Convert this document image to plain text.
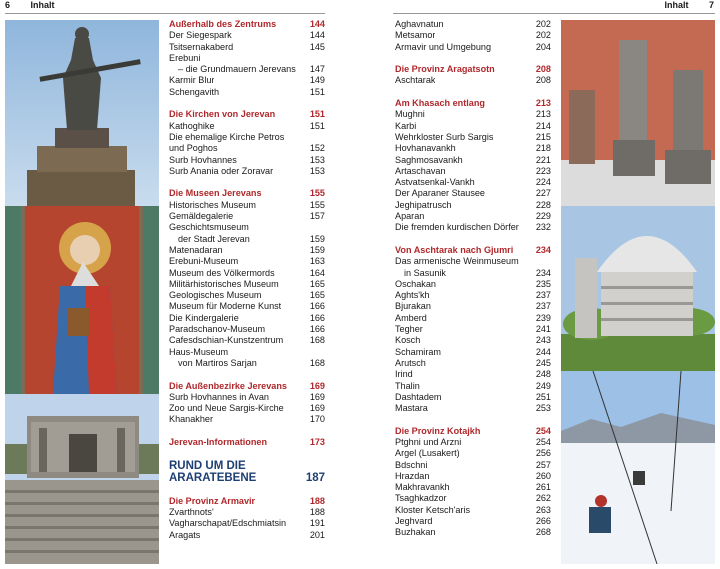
6 Inhalt	Inhalt 7
Außerhalb des Zentrums	144
Der Siegespark	144
Tsitsernakaberd	145
Erebuni
– die Grundmauern Jerevans	147
Karmir Blur	149
Schengavith	151
Die Kirchen von Jerevan	151
Kathoghike	151
Die ehemalige Kirche Petros
und Poghos	152
Surb Hovhannes	153
Surb Anania oder Zoravar	153
Die Museen Jerevans	155
Historisches Museum	155
Gemäldegalerie	157
Geschichtsmuseum
der Stadt Jerevan	159
Matenadaran	159
Erebuni-Museum	163
Museum des Völkermords	164
Militärhistorisches Museum	165
Geologisches Museum	165
Museum für Moderne Kunst	166
Die Kindergalerie	166
Paradschanov-Museum	166
Cafesdschian-Kunstzentrum	168
Haus-Museum
von Martiros Sarjan	168
Die Außenbezirke Jerevans	169
Surb Hovhannes in Avan	169
Zoo und Neue Sargis-Kirche	169
Khanakher	170
Jerevan-Informationen	173
RUND UM DIE
ARARATEBENE	187
Die Provinz Armavir	188
Zvarthnots'	188
Vagharschapat/Edschmiatsin	191
Aragats	201
Aghavnatun	202
Metsamor	202
Armavir und Umgebung	204
Die Provinz Aragatsotn	208
Aschtarak	208
Am Khasach entlang	213
Mughni	213
Karbi	214
Wehrkloster Surb Sargis	215
Hovhanavankh	218
Saghmosavankh	221
Artaschavan	223
Astvatsenkal-Vankh	224
Der Aparaner Stausee	227
Jeghipatrusch	228
Aparan	229
Die fremden kurdischen Dörfer	232
Von Aschtarak nach Gjumri	234
Das armenische Weinmuseum
in Sasunik	234
Oschakan	235
Aghts'kh	237
Bjurakan	237
Amberd	239
Tegher	241
Kosch	243
Schamiram	244
Arutsch	245
Irind	248
Thalin	249
Dashtadem	251
Mastara	253
Die Provinz Kotajkh	254
Ptghni und Arzni	254
Argel (Lusakert)	256
Bdschni	257
Hrazdan	260
Makhravankh	261
Tsaghkadzor	262
Kloster Ketsch'aris	263
Jeghvard	266
Buzhakan	268
